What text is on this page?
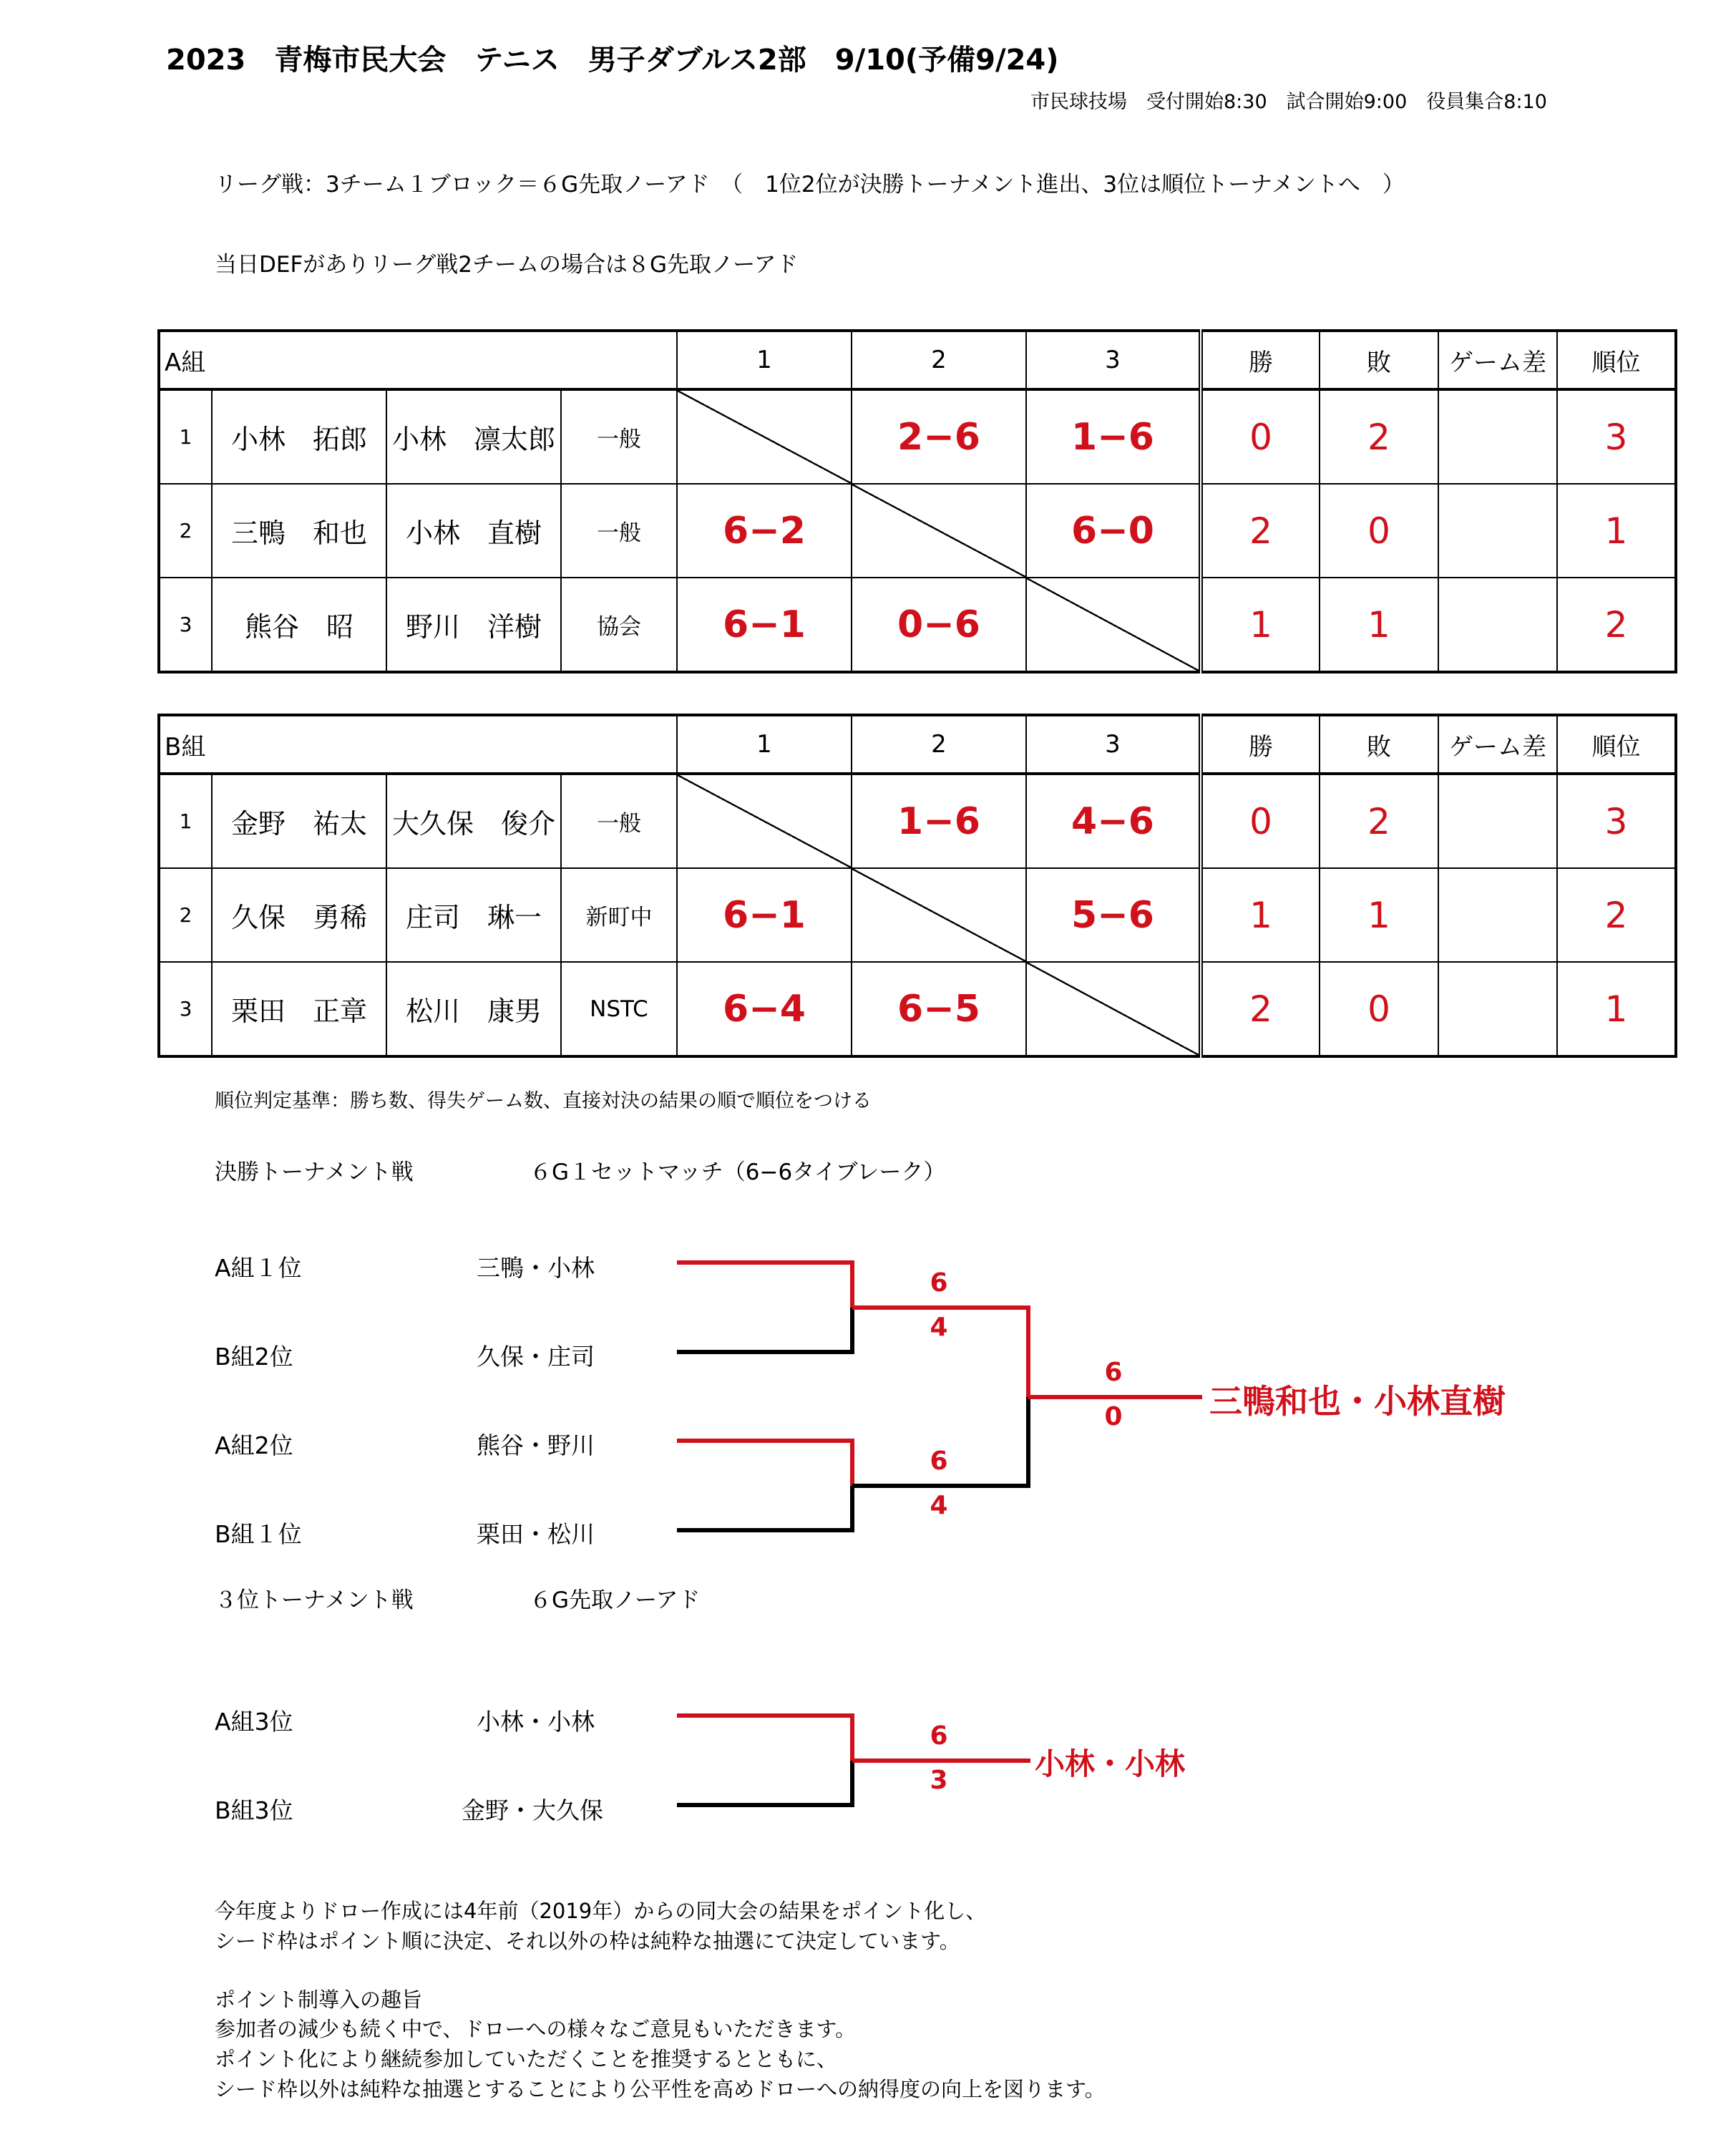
2023　青梅市民大会　テニス　男子ダブルス2部　9/10(予備9/24)
市民球技場　受付開始8:30　試合開始9:00　役員集合8:10
リーグ戦：3チーム１ブロック＝６G先取ノーアド　（　1位2位が決勝トーナメント進出、3位は順位トーナメントへ　）
当日DEFがありリーグ戦2チームの場合は８G先取ノーアド
A組				1	2	3	勝	敗	ゲーム差	順位
1	小林　拓郎	小林　凛太郎	一般		2−6	1−6	0	2		3
2	三鴨　和也	小林　直樹	一般	6−2		6−0	2	0		1
3	熊谷　昭	野川　洋樹	協会	6−1	0−6		1	1		2
B組				1	2	3	勝	敗	ゲーム差	順位
1	金野　祐太	大久保　俊介	一般		1−6	4−6	0	2		3
2	久保　勇稀	庄司　琳一	新町中	6−1		5−6	1	1		2
3	栗田　正章	松川　康男	NSTC	6−4	6−5		2	0		1
順位判定基準：勝ち数、得失ゲーム数、直接対決の結果の順で順位をつける
決勝トーナメント戦	６G１セットマッチ（6−6タイブレーク）
A組１位	三鴨・小林
B組2位	久保・庄司
A組2位	熊谷・野川
B組１位	栗田・松川
6
4
6
4
6
0	三鴨和也・小林直樹
３位トーナメント戦	６G先取ノーアド
A組3位	小林・小林
B組3位	金野・大久保
6
3	小林・小林
今年度よりドロー作成には4年前（2019年）からの同大会の結果をポイント化し、
シード枠はポイント順に決定、それ以外の枠は純粋な抽選にて決定しています。
ポイント制導入の趣旨
参加者の減少も続く中で、ドローへの様々なご意見もいただきます。
ポイント化により継続参加していただくことを推奨するとともに、
シード枠以外は純粋な抽選とすることにより公平性を高めドローへの納得度の向上を図ります。
